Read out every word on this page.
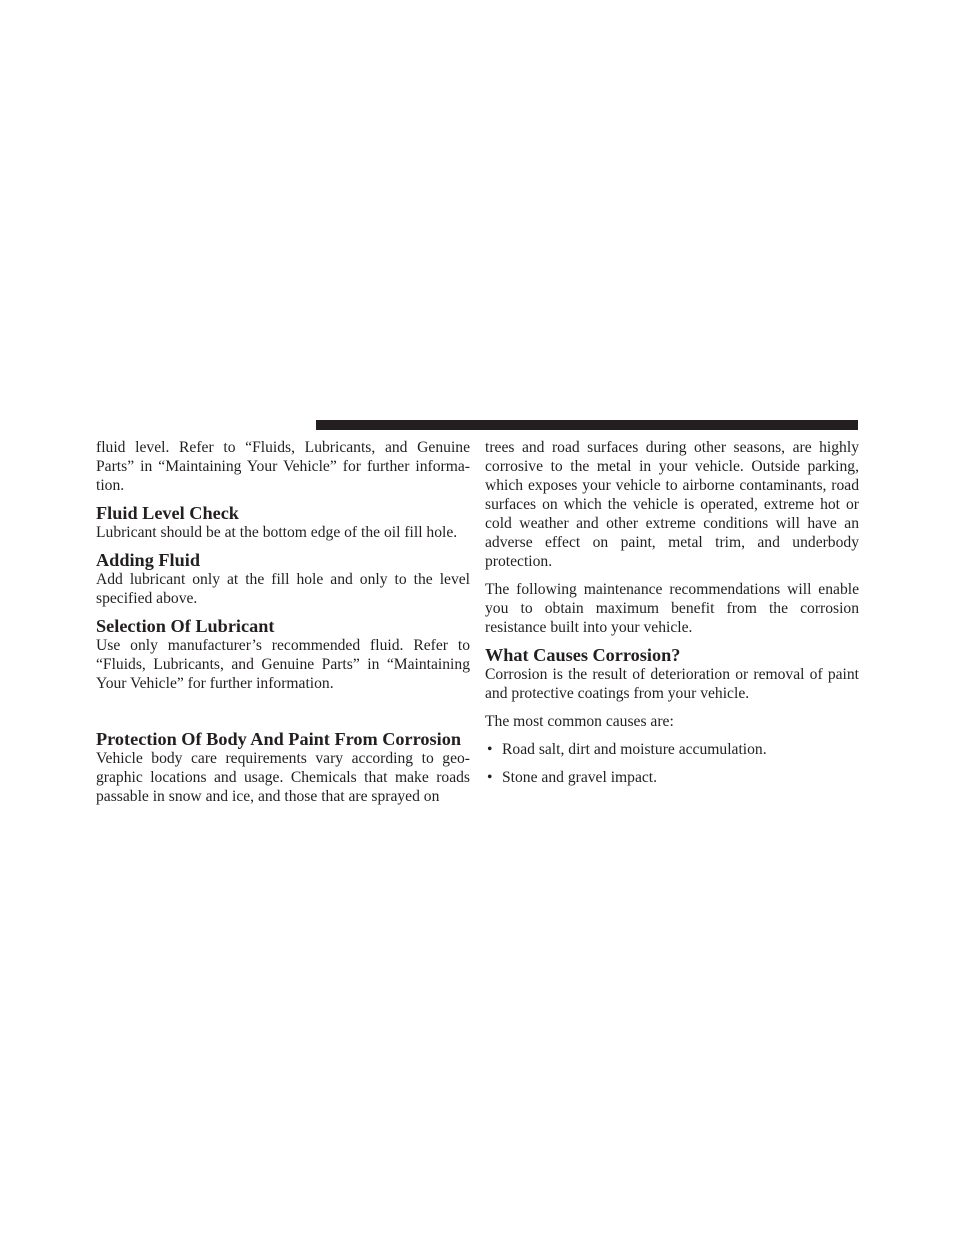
fluid level. Refer to “Fluids, Lubricants, and Genuine Parts” in “Maintaining Your Vehicle” for further information.

Fluid Level Check

Lubricant should be at the bottom edge of the oil fill hole.

Adding Fluid

Add lubricant only at the fill hole and only to the level specified above.

Selection Of Lubricant

Use only manufacturer’s recommended fluid. Refer to “Fluids, Lubricants, and Genuine Parts” in “Maintaining Your Vehicle” for further information.

Protection Of Body And Paint From Corrosion

Vehicle body care requirements vary according to geographic locations and usage. Chemicals that make roads passable in snow and ice, and those that are sprayed on

trees and road surfaces during other seasons, are highly corrosive to the metal in your vehicle. Outside parking, which exposes your vehicle to airborne contaminants, road surfaces on which the vehicle is operated, extreme hot or cold weather and other extreme conditions will have an adverse effect on paint, metal trim, and underbody protection.

The following maintenance recommendations will enable you to obtain maximum benefit from the corrosion resistance built into your vehicle.

What Causes Corrosion?

Corrosion is the result of deterioration or removal of paint and protective coatings from your vehicle.

The most common causes are:

• Road salt, dirt and moisture accumulation.
• Stone and gravel impact.
